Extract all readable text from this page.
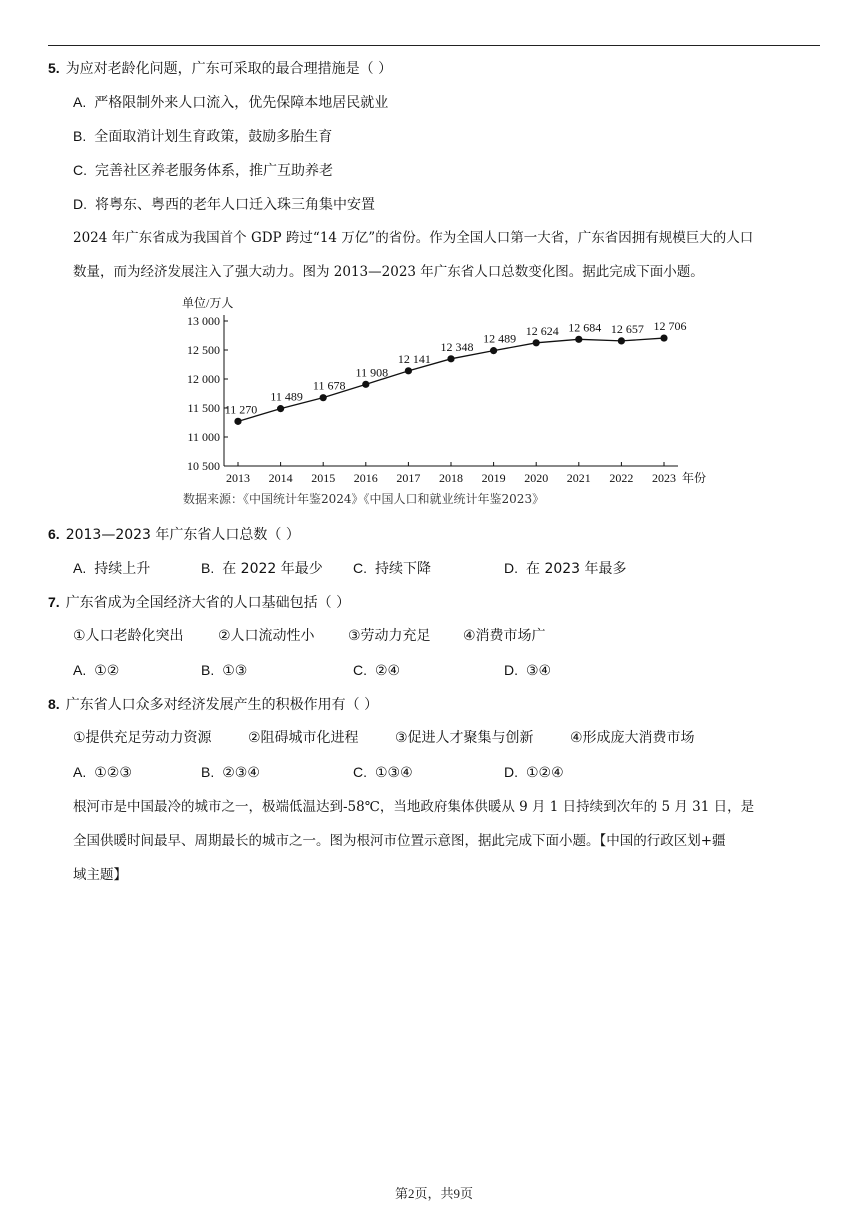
5. 为应对老龄化问题，广东可采取的最合理措施是（ ）
A. 严格限制外来人口流入，优先保障本地居民就业
B. 全面取消计划生育政策，鼓励多胎生育
C. 完善社区养老服务体系，推广互助养老
D. 将粤东、粤西的老年人口迁入珠三角集中安置
2024 年广东省成为我国首个 GDP 跨过“14 万亿”的省份。作为全国人口第一大省，广东省因拥有规模巨大的人口
数量，而为经济发展注入了强大动力。图为 2013—2023 年广东省人口总数变化图。据此完成下面小题。
10 500
11 000
11 500
12 000
12 500
13 000
单位/万人
2013 2014 2015 2016 2017 2018 2019 2020 2021 2022 2023 年份
11 270
11 489
11 678
11 908
12 141
12 348
12 489
12 624 12 684 12 657 12 706
数据来源：《中国统计年鉴2024》《中国人口和就业统计年鉴2023》
6. 2013—2023 年广东省人口总数（ ）
A. 持续上升	B. 在 2022 年最少 C. 持续下降	D. 在 2023 年最多
7. 广东省成为全国经济大省的人口基础包括（ ）
①人口老龄化突出 ②人口流动性小 ③劳动力充足 ④消费市场广
A. ①②	B. ①③	C. ②④	D. ③④
8. 广东省人口众多对经济发展产生的积极作用有（ ）
①提供充足劳动力资源	②阻碍城市化进程	③促进人才聚集与创新	④形成庞大消费市场
A. ①②③	B. ②③④	C. ①③④	D. ①②④
根河市是中国最冷的城市之一，极端低温达到-58℃，当地政府集体供暖从 9 月 1 日持续到次年的 5 月 31 日，是
全国供暖时间最早、周期最长的城市之一。图为根河市位置示意图，据此完成下面小题。【中国的行政区划+疆
域主题】
第2页，共9页
